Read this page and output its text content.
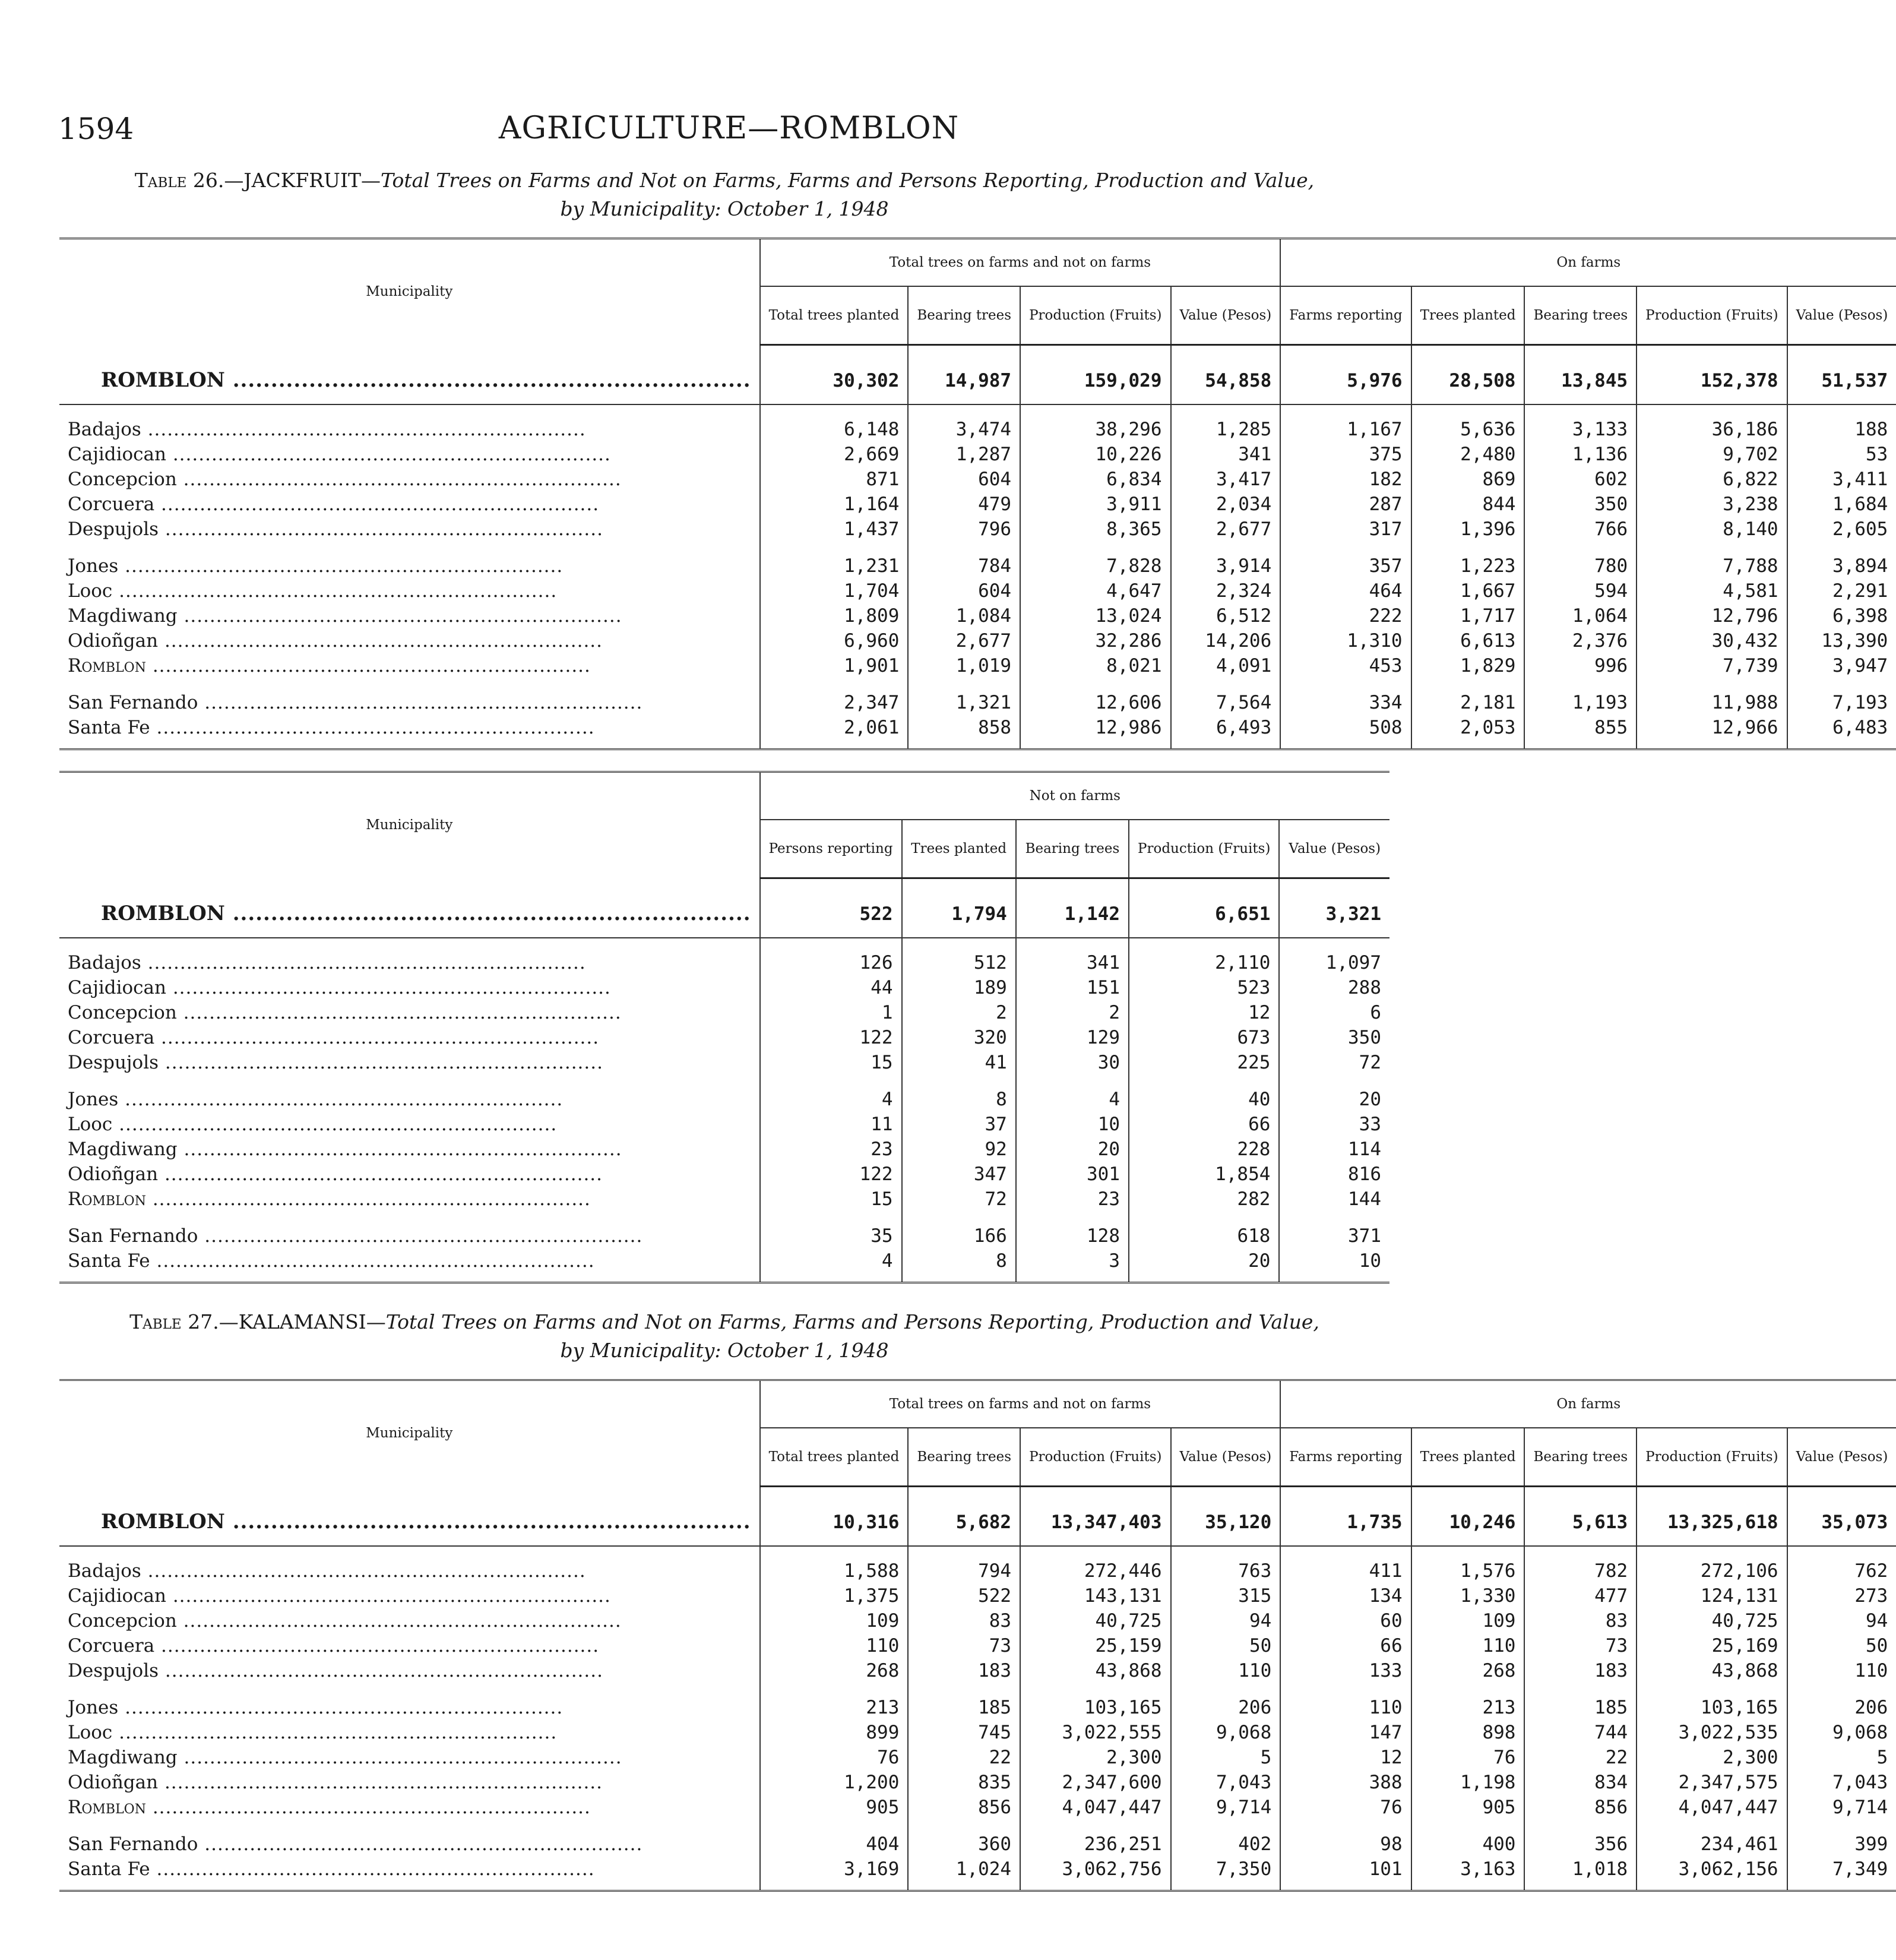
1594	AGRICULTURE—ROMBLON
Table 26.—JACKFRUIT—Total Trees on Farms and Not on Farms, Farms and Persons Reporting, Production and Value,
by Municipality: October 1, 1948
Municipality	Total trees on farms and not on farms				On farms				
	Total trees planted	Bearing trees	Production (Fruits)	Value (Pesos)	Farms reporting	Trees planted	Bearing trees	Production (Fruits)	Value (Pesos)
ROMBLON .....	30,302	14,987	159,029	54,858	5,976	28,508	13,845	152,378	51,537
Badajos .....	6,148	3,474	38,296	1,285	1,167	5,636	3,133	36,186	188
Cajidiocan .....	2,669	1,287	10,226	341	375	2,480	1,136	9,702	53
Concepcion .....	871	604	6,834	3,417	182	869	602	6,822	3,411
Corcuera .....	1,164	479	3,911	2,034	287	844	350	3,238	1,684
Despujols .....	1,437	796	8,365	2,677	317	1,396	766	8,140	2,605
Jones .....	1,231	784	7,828	3,914	357	1,223	780	7,788	3,894
Looc .....	1,704	604	4,647	2,324	464	1,667	594	4,581	2,291
Magdiwang .....	1,809	1,084	13,024	6,512	222	1,717	1,064	12,796	6,398
Odioñgan .....	6,960	2,677	32,286	14,206	1,310	6,613	2,376	30,432	13,390
Romblon .....	1,901	1,019	8,021	4,091	453	1,829	996	7,739	3,947
San Fernando .....	2,347	1,321	12,606	7,564	334	2,181	1,193	11,988	7,193
Santa Fe .....	2,061	858	12,986	6,493	508	2,053	855	12,966	6,483
Municipality	Not on farms				
	Persons reporting	Trees planted	Bearing trees	Production (Fruits)	Value (Pesos)
ROMBLON .....	522	1,794	1,142	6,651	3,321
Badajos .....	126	512	341	2,110	1,097
Cajidiocan .....	44	189	151	523	288
Concepcion .....	1	2	2	12	6
Corcuera .....	122	320	129	673	350
Despujols .....	15	41	30	225	72
Jones .....	4	8	4	40	20
Looc .....	11	37	10	66	33
Magdiwang .....	23	92	20	228	114
Odioñgan .....	122	347	301	1,854	816
Romblon .....	15	72	23	282	144
San Fernando .....	35	166	128	618	371
Santa Fe .....	4	8	3	20	10
Table 27.—KALAMANSI—Total Trees on Farms and Not on Farms, Farms and Persons Reporting, Production and Value,
by Municipality: October 1, 1948
Municipality	Total trees on farms and not on farms				On farms				
	Total trees planted	Bearing trees	Production (Fruits)	Value (Pesos)	Farms reporting	Trees planted	Bearing trees	Production (Fruits)	Value (Pesos)
ROMBLON .....	10,316	5,682	13,347,403	35,120	1,735	10,246	5,613	13,325,618	35,073
Badajos .....	1,588	794	272,446	763	411	1,576	782	272,106	762
Cajidiocan .....	1,375	522	143,131	315	134	1,330	477	124,131	273
Concepcion .....	109	83	40,725	94	60	109	83	40,725	94
Corcuera .....	110	73	25,159	50	66	110	73	25,169	50
Despujols .....	268	183	43,868	110	133	268	183	43,868	110
Jones .....	213	185	103,165	206	110	213	185	103,165	206
Looc .....	899	745	3,022,555	9,068	147	898	744	3,022,535	9,068
Magdiwang .....	76	22	2,300	5	12	76	22	2,300	5
Odioñgan .....	1,200	835	2,347,600	7,043	388	1,198	834	2,347,575	7,043
Romblon .....	905	856	4,047,447	9,714	76	905	856	4,047,447	9,714
San Fernando .....	404	360	236,251	402	98	400	356	234,461	399
Santa Fe .....	3,169	1,024	3,062,756	7,350	101	3,163	1,018	3,062,156	7,349
